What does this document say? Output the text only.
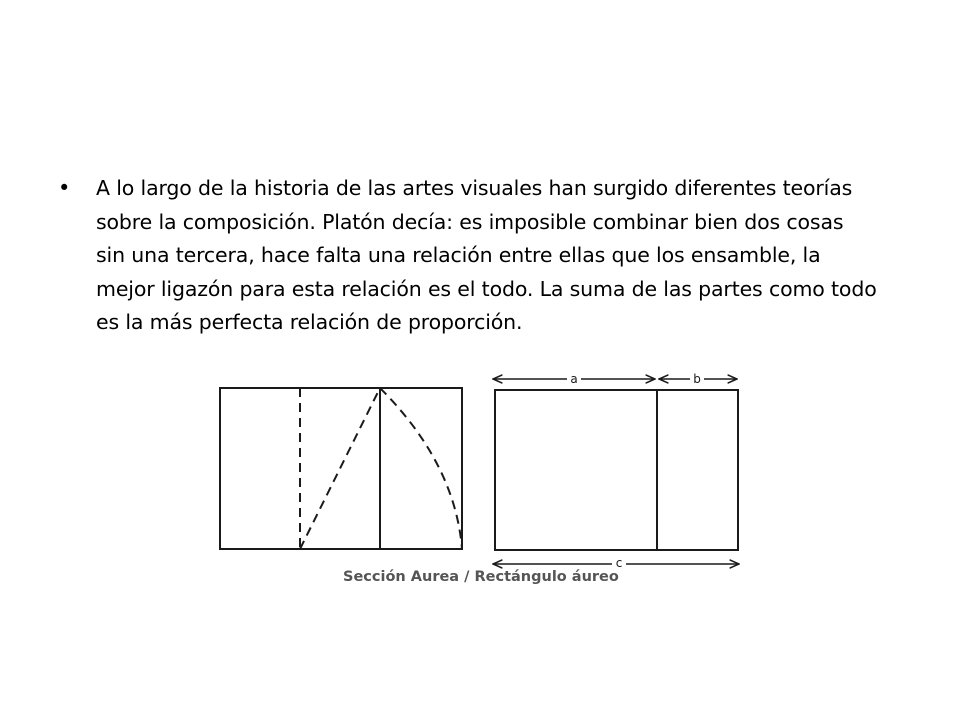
•	A lo largo de la historia de las artes visuales han surgido diferentes teorías sobre la composición. Platón decía: es imposible combinar bien dos cosas sin una tercera, hace falta una relación entre ellas que los ensamble, la mejor ligazón para esta relación es el todo. La suma de las partes como todo es la más perfecta relación de proporción.
a	b
c
Sección Aurea / Rectángulo áureo
